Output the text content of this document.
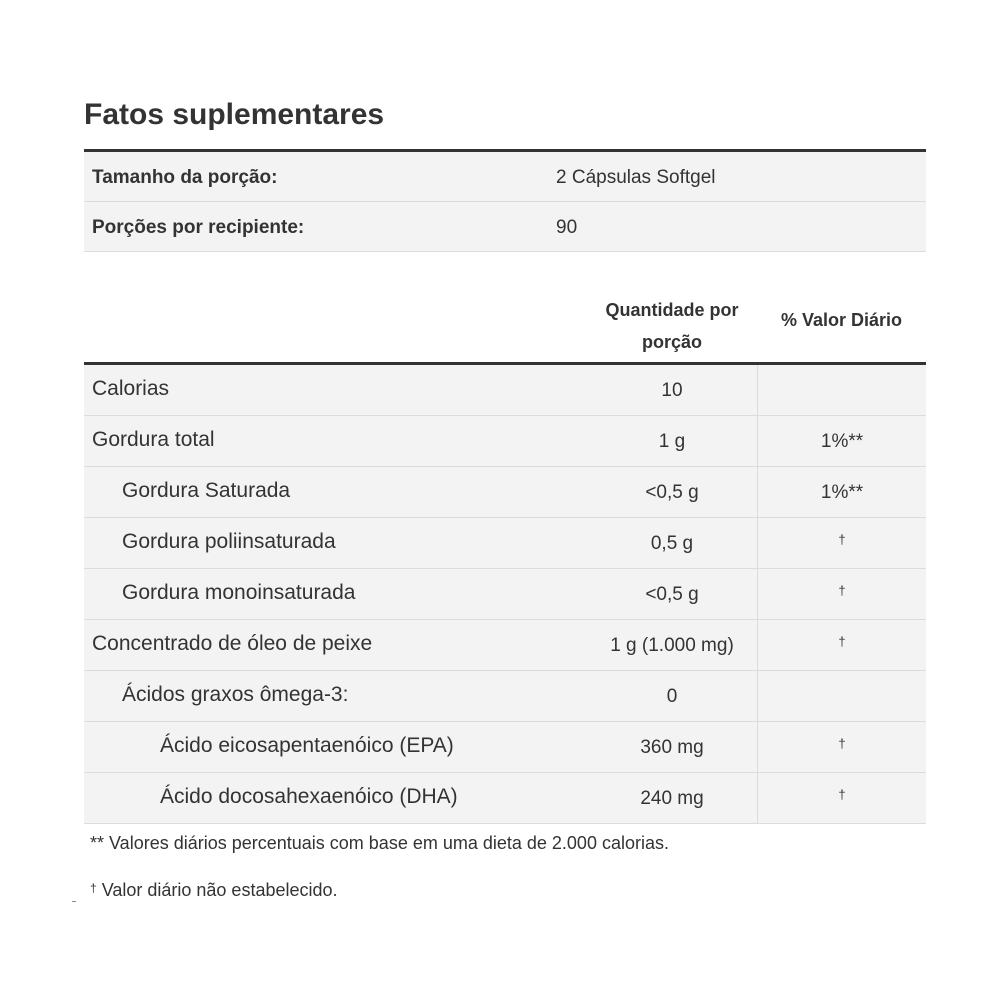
Fatos suplementares
Tamanho da porção:	2 Cápsulas Softgel
Porções por recipiente:	90
Quantidade por
porção
% Valor Diário
Calorias	10
Gordura total	1 g	1%**
Gordura Saturada	<0,5 g	1%**
Gordura poliinsaturada	0,5 g	†
Gordura monoinsaturada	<0,5 g	†
Concentrado de óleo de peixe	1 g (1.000 mg)	†
Ácidos graxos ômega-3:	0
Ácido eicosapentaenóico (EPA)	360 mg	†
Ácido docosahexaenóico (DHA)	240 mg	†
** Valores diários percentuais com base em uma dieta de 2.000 calorias.
† Valor diário não estabelecido.
